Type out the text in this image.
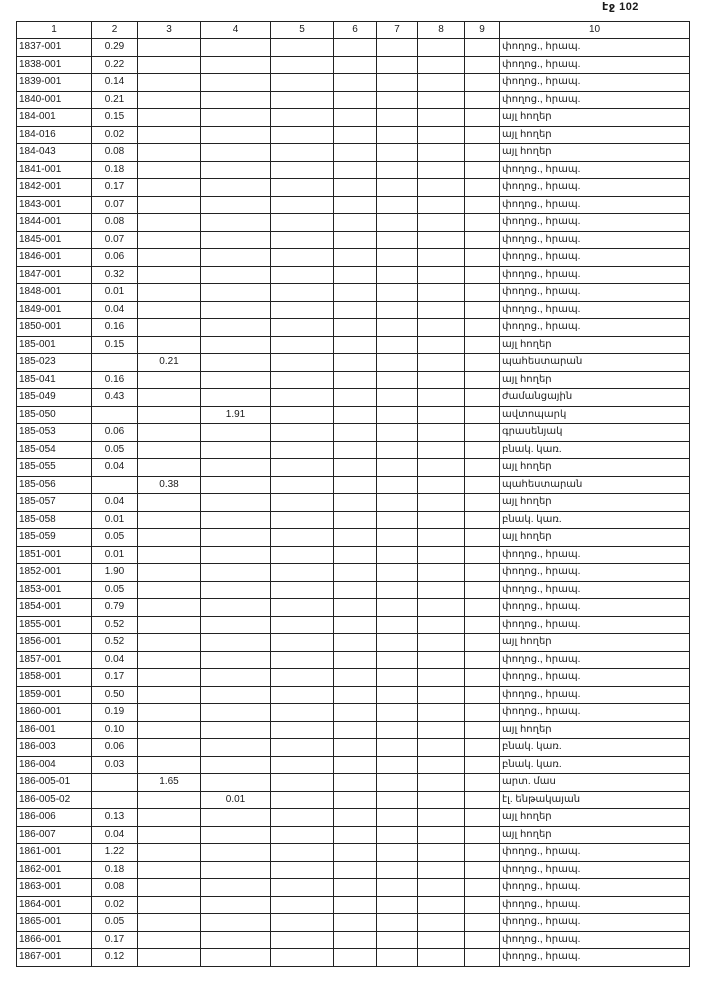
էջ 102
1	2	3	4	5	6	7	8	9	10
1837-001	0.29								փողոց., հրապ.
1838-001	0.22								փողոց., հրապ.
1839-001	0.14								փողոց., հրապ.
1840-001	0.21								փողոց., հրապ.
184-001	0.15								այլ հողեր
184-016	0.02								այլ հողեր
184-043	0.08								այլ հողեր
1841-001	0.18								փողոց., հրապ.
1842-001	0.17								փողոց., հրապ.
1843-001	0.07								փողոց., հրապ.
1844-001	0.08								փողոց., հրապ.
1845-001	0.07								փողոց., հրապ.
1846-001	0.06								փողոց., հրապ.
1847-001	0.32								փողոց., հրապ.
1848-001	0.01								փողոց., հրապ.
1849-001	0.04								փողոց., հրապ.
1850-001	0.16								փողոց., հրապ.
185-001	0.15								այլ հողեր
185-023		0.21							պահեստարան
185-041	0.16								այլ հողեր
185-049	0.43								ժամանցային
185-050			1.91						ավտոպարկ
185-053	0.06								գրասենյակ
185-054	0.05								բնակ. կառ.
185-055	0.04								այլ հողեր
185-056		0.38							պահեստարան
185-057	0.04								այլ հողեր
185-058	0.01								բնակ. կառ.
185-059	0.05								այլ հողեր
1851-001	0.01								փողոց., հրապ.
1852-001	1.90								փողոց., հրապ.
1853-001	0.05								փողոց., հրապ.
1854-001	0.79								փողոց., հրապ.
1855-001	0.52								փողոց., հրապ.
1856-001	0.52								այլ հողեր
1857-001	0.04								փողոց., հրապ.
1858-001	0.17								փողոց., հրապ.
1859-001	0.50								փողոց., հրապ.
1860-001	0.19								փողոց., հրապ.
186-001	0.10								այլ հողեր
186-003	0.06								բնակ. կառ.
186-004	0.03								բնակ. կառ.
186-005-01		1.65							արտ. մաս
186-005-02			0.01						էլ. ենթակայան
186-006	0.13								այլ հողեր
186-007	0.04								այլ հողեր
1861-001	1.22								փողոց., հրապ.
1862-001	0.18								փողոց., հրապ.
1863-001	0.08								փողոց., հրապ.
1864-001	0.02								փողոց., հրապ.
1865-001	0.05								փողոց., հրապ.
1866-001	0.17								փողոց., հրապ.
1867-001	0.12								փողոց., հրապ.
